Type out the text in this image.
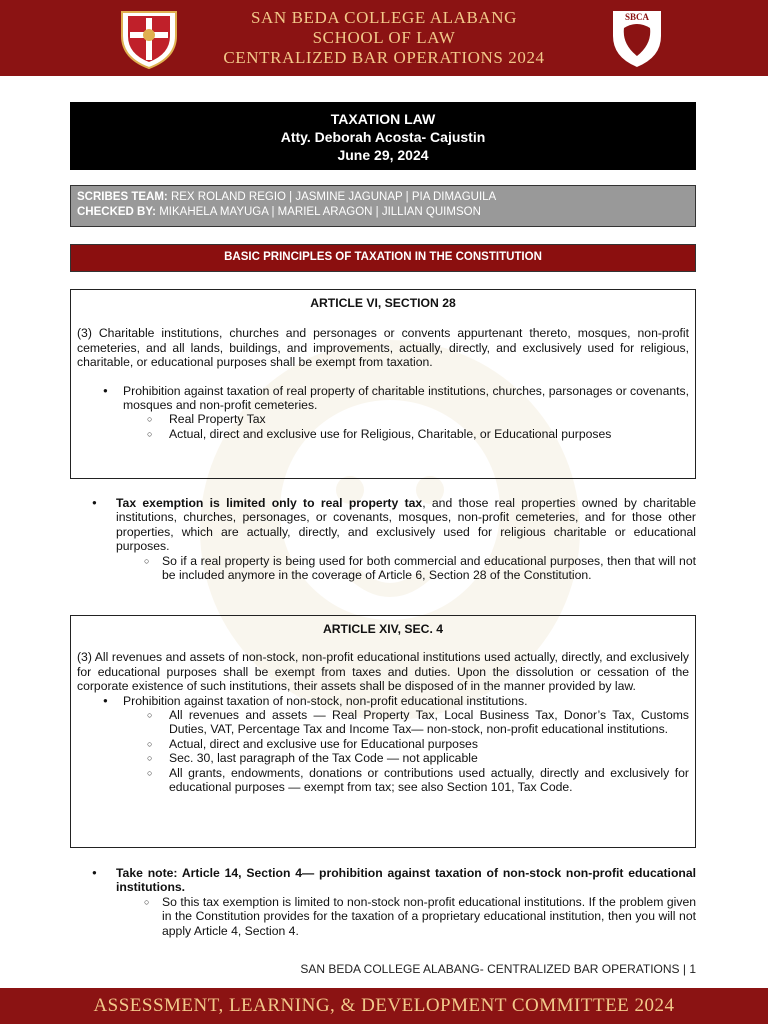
SAN BEDA COLLEGE ALABANG
SCHOOL OF LAW
CENTRALIZED BAR OPERATIONS 2024
SBCA
TAXATION LAW
Atty. Deborah Acosta- Cajustin
June 29, 2024
SCRIBES TEAM: REX ROLAND REGIO | JASMINE JAGUNAP | PIA DIMAGUILA
CHECKED BY: MIKAHELA MAYUGA | MARIEL ARAGON | JILLIAN QUIMSON
BASIC PRINCIPLES OF TAXATION IN THE CONSTITUTION
ARTICLE VI, SECTION 28
(3) Charitable institutions, churches and personages or convents appurtenant thereto, mosques, non-profit cemeteries, and all lands, buildings, and improvements, actually, directly, and exclusively used for religious, charitable, or educational purposes shall be exempt from taxation.
● Prohibition against taxation of real property of charitable institutions, churches, parsonages or covenants, mosques and non-profit cemeteries.
○ Real Property Tax
○ Actual, direct and exclusive use for Religious, Charitable, or Educational purposes
● Tax exemption is limited only to real property tax, and those real properties owned by charitable institutions, churches, personages, or covenants, mosques, non-profit cemeteries, and for those other properties, which are actually, directly, and exclusively used for religious charitable or educational purposes.
○ So if a real property is being used for both commercial and educational purposes, then that will not be included anymore in the coverage of Article 6, Section 28 of the Constitution.
ARTICLE XIV, SEC. 4
(3) All revenues and assets of non-stock, non-profit educational institutions used actually, directly, and exclusively for educational purposes shall be exempt from taxes and duties. Upon the dissolution or cessation of the corporate existence of such institutions, their assets shall be disposed of in the manner provided by law.
● Prohibition against taxation of non-stock, non-profit educational institutions.
○ All revenues and assets — Real Property Tax, Local Business Tax, Donor’s Tax, Customs Duties, VAT, Percentage Tax and Income Tax— non-stock, non-profit educational institutions.
○ Actual, direct and exclusive use for Educational purposes
○ Sec. 30, last paragraph of the Tax Code — not applicable
○ All grants, endowments, donations or contributions used actually, directly and exclusively for educational purposes — exempt from tax; see also Section 101, Tax Code.
● Take note: Article 14, Section 4— prohibition against taxation of non-stock non-profit educational institutions.
○ So this tax exemption is limited to non-stock non-profit educational institutions. If the problem given in the Constitution provides for the taxation of a proprietary educational institution, then you will not apply Article 4, Section 4.
SAN BEDA COLLEGE ALABANG- CENTRALIZED BAR OPERATIONS | 1
ASSESSMENT, LEARNING, & DEVELOPMENT COMMITTEE 2024
